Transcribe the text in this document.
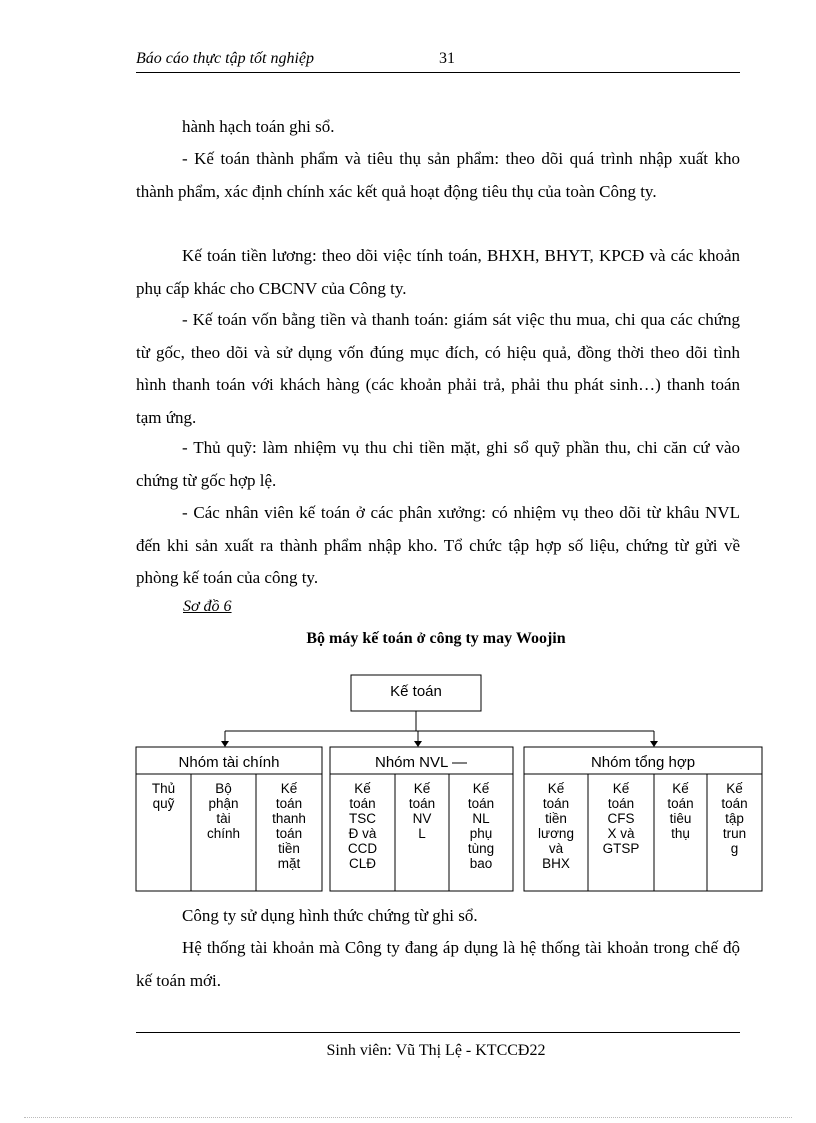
Báo cáo thực tập tốt nghiệp	31
hành hạch toán ghi sổ.
- Kế toán thành phẩm và tiêu thụ sản phẩm: theo dõi quá trình nhập xuất kho thành phẩm, xác định chính xác kết quả hoạt động tiêu thụ của toàn Công ty.
Kế toán tiền lương: theo dõi việc tính toán, BHXH, BHYT, KPCĐ và các khoản phụ cấp khác cho CBCNV của Công ty.
- Kế toán vốn bằng tiền và thanh toán: giám sát việc thu mua, chi qua các chứng từ gốc, theo dõi và sử dụng vốn đúng mục đích, có hiệu quả, đồng thời theo dõi tình hình thanh toán với khách hàng (các khoản phải trả, phải thu phát sinh…) thanh toán tạm ứng.
- Thủ quỹ: làm nhiệm vụ thu chi tiền mặt, ghi sổ quỹ phần thu, chi căn cứ vào chứng từ gốc hợp lệ.
- Các nhân viên kế toán ở các phân xưởng: có nhiệm vụ theo dõi từ khâu NVL đến khi sản xuất ra thành phẩm nhập kho. Tổ chức tập hợp số liệu, chứng từ gửi về phòng kế toán của công ty.
Sơ đồ 6
Bộ máy kế toán ở công ty may Woojin
Kế toán
Nhóm tài chính
Thủ
quỹ
Bộ
phận
tài
chính
Kế
toán
thanh
toán
tiền
mặt
Nhóm NVL —
Kế
toán
TSC
Đ và
CCD
CLĐ
Kế
toán
NV
L
Kế
toán
NL
phụ
tùng
bao
Nhóm tổng hợp
Kế
toán
tiền
lương
và
BHX
Kế
toán
CFS
X và
GTSP
Kế
toán
tiêu
thụ
Kế
toán
tập
trun
g
Công ty sử dụng hình thức chứng từ ghi sổ.
Hệ thống tài khoản mà Công ty đang áp dụng là hệ thống tài khoản trong chế độ kế toán mới.
Sinh viên: Vũ Thị Lệ - KTCCĐ22
